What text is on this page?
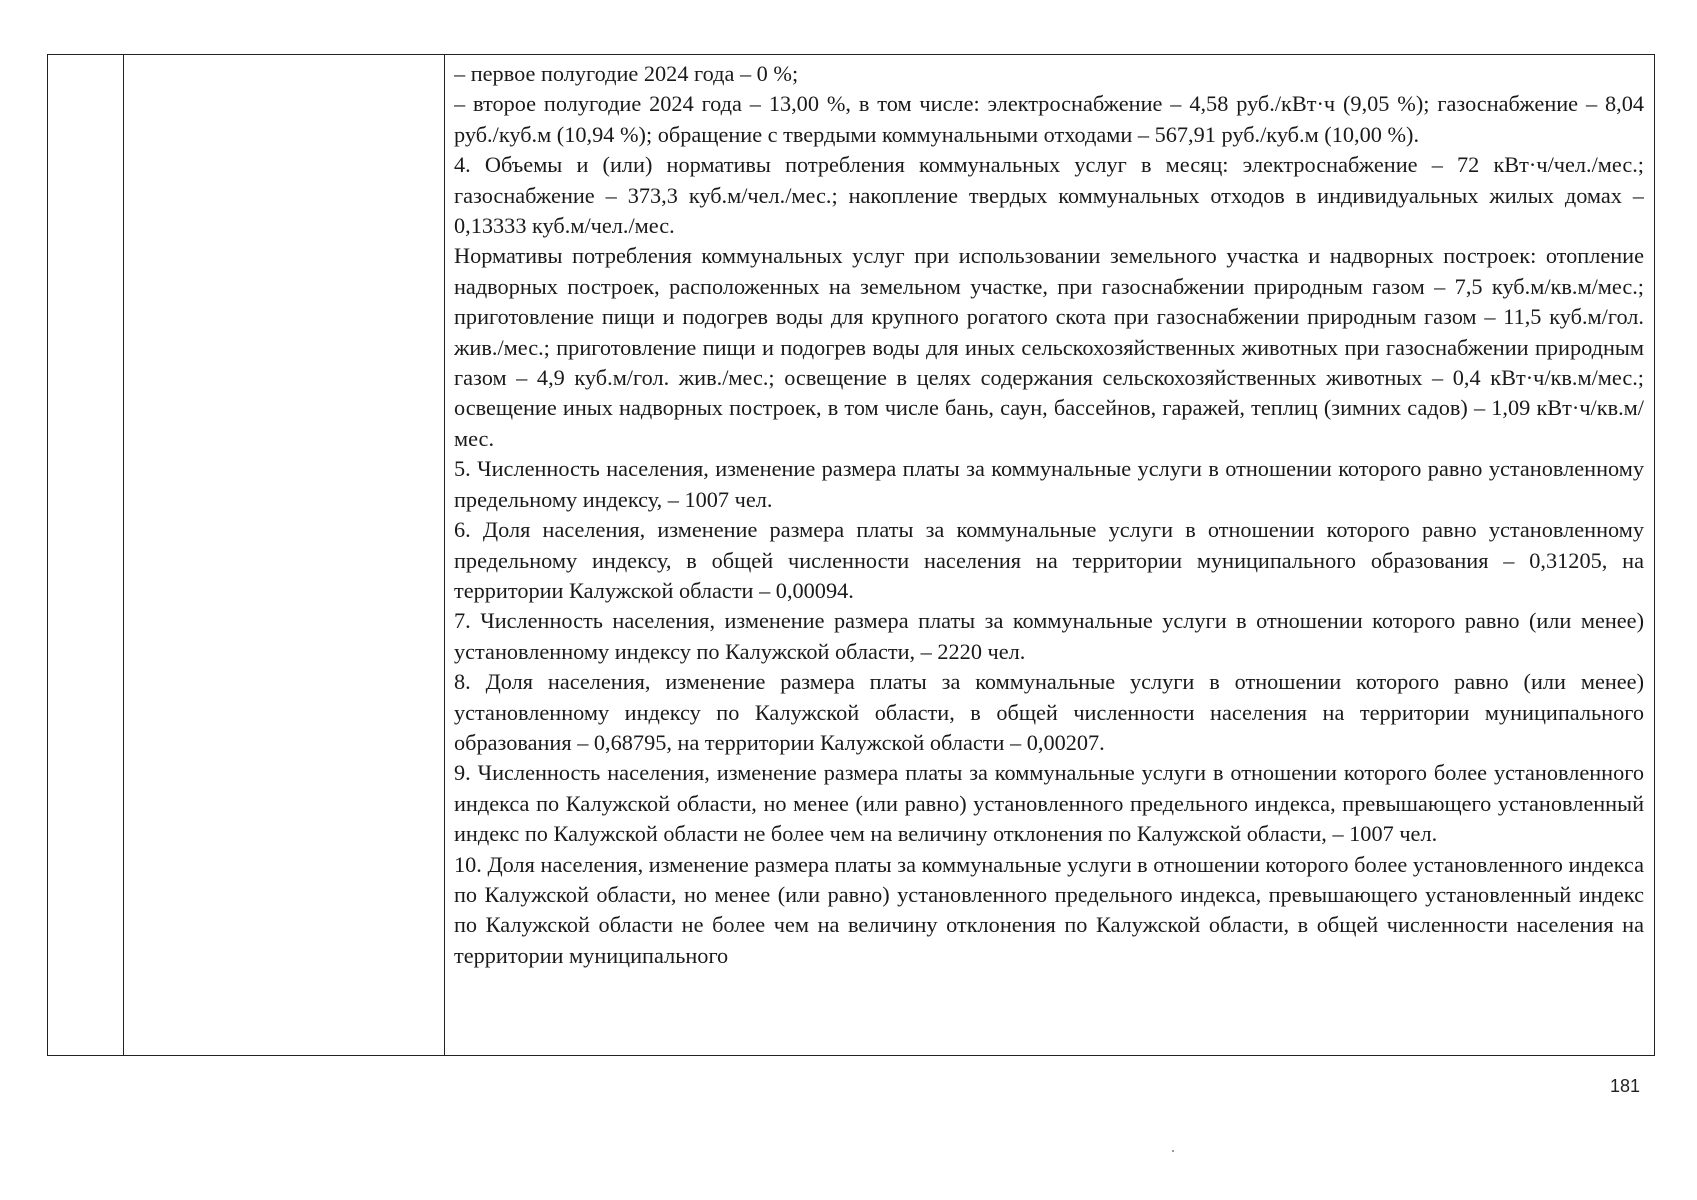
– первое полугодие 2024 года – 0 %;

– второе полугодие 2024 года – 13,00 %, в том числе: электроснабжение – 4,58 руб./кВт·ч (9,05 %); газоснабжение – 8,04 руб./куб.м (10,94 %); обращение с твердыми коммунальными отходами – 567,91 руб./куб.м (10,00 %).

4. Объемы и (или) нормативы потребления коммунальных услуг в месяц: электроснабжение – 72 кВт·ч/чел./мес.; газоснабжение – 373,3 куб.м/чел./мес.; накопление твердых коммунальных отходов в индивидуальных жилых домах – 0,13333 куб.м/чел./мес.

Нормативы потребления коммунальных услуг при использовании земельного участка и надворных построек: отопление надворных построек, расположенных на земельном участке, при газоснабжении природным газом – 7,5 куб.м/кв.м/мес.; приготовление пищи и подогрев воды для крупного рогатого скота при газоснабжении природным газом – 11,5 куб.м/гол. жив./мес.; приготовление пищи и подогрев воды для иных сельскохозяйственных животных при газоснабжении природным газом – 4,9 куб.м/гол. жив./мес.; освещение в целях содержания сельскохозяйственных животных – 0,4 кВт·ч/кв.м/мес.; освещение иных надворных построек, в том числе бань, саун, бассейнов, гаражей, теплиц (зимних садов) – 1,09 кВт·ч/кв.м/мес.

5. Численность населения, изменение размера платы за коммунальные услуги в отношении которого равно установленному предельному индексу, – 1007 чел.

6. Доля населения, изменение размера платы за коммунальные услуги в отношении которого равно установленному предельному индексу, в общей численности населения на территории муниципального образования – 0,31205, на территории Калужской области – 0,00094.

7. Численность населения, изменение размера платы за коммунальные услуги в отношении которого равно (или менее) установленному индексу по Калужской области, – 2220 чел.

8. Доля населения, изменение размера платы за коммунальные услуги в отношении которого равно (или менее) установленному индексу по Калужской области, в общей численности населения на территории муниципального образования – 0,68795, на территории Калужской области – 0,00207.

9. Численность населения, изменение размера платы за коммунальные услуги в отношении которого более установленного индекса по Калужской области, но менее (или равно) установленного предельного индекса, превышающего установленный индекс по Калужской области не более чем на величину отклонения по Калужской области, – 1007 чел.

10. Доля населения, изменение размера платы за коммунальные услуги в отношении которого более установленного индекса по Калужской области, но менее (или равно) установленного предельного индекса, превышающего установленный индекс по Калужской области не более чем на величину отклонения по Калужской области, в общей численности населения на территории муниципального

181
